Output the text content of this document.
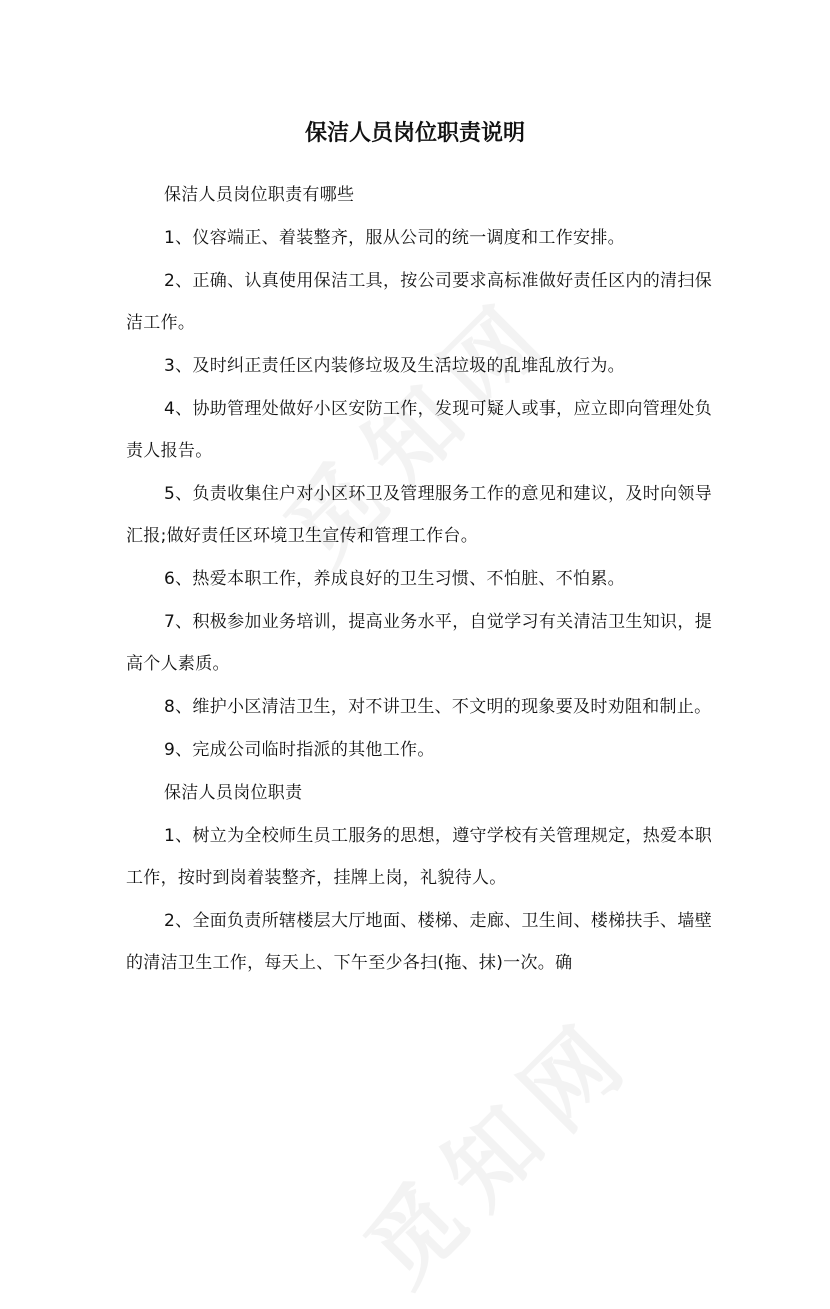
保洁人员岗位职责说明

保洁人员岗位职责有哪些

1、仪容端正、着装整齐，服从公司的统一调度和工作安排。

2、正确、认真使用保洁工具，按公司要求高标准做好责任区内的清扫保洁工作。

3、及时纠正责任区内装修垃圾及生活垃圾的乱堆乱放行为。

4、协助管理处做好小区安防工作，发现可疑人或事，应立即向管理处负责人报告。

5、负责收集住户对小区环卫及管理服务工作的意见和建议，及时向领导汇报;做好责任区环境卫生宣传和管理工作台。

6、热爱本职工作，养成良好的卫生习惯、不怕脏、不怕累。

7、积极参加业务培训，提高业务水平，自觉学习有关清洁卫生知识，提高个人素质。

8、维护小区清洁卫生，对不讲卫生、不文明的现象要及时劝阻和制止。

9、完成公司临时指派的其他工作。

保洁人员岗位职责

1、树立为全校师生员工服务的思想，遵守学校有关管理规定，热爱本职工作，按时到岗着装整齐，挂牌上岗，礼貌待人。

2、全面负责所辖楼层大厅地面、楼梯、走廊、卫生间、楼梯扶手、墙壁的清洁卫生工作，每天上、下午至少各扫(拖、抹)一次。确
